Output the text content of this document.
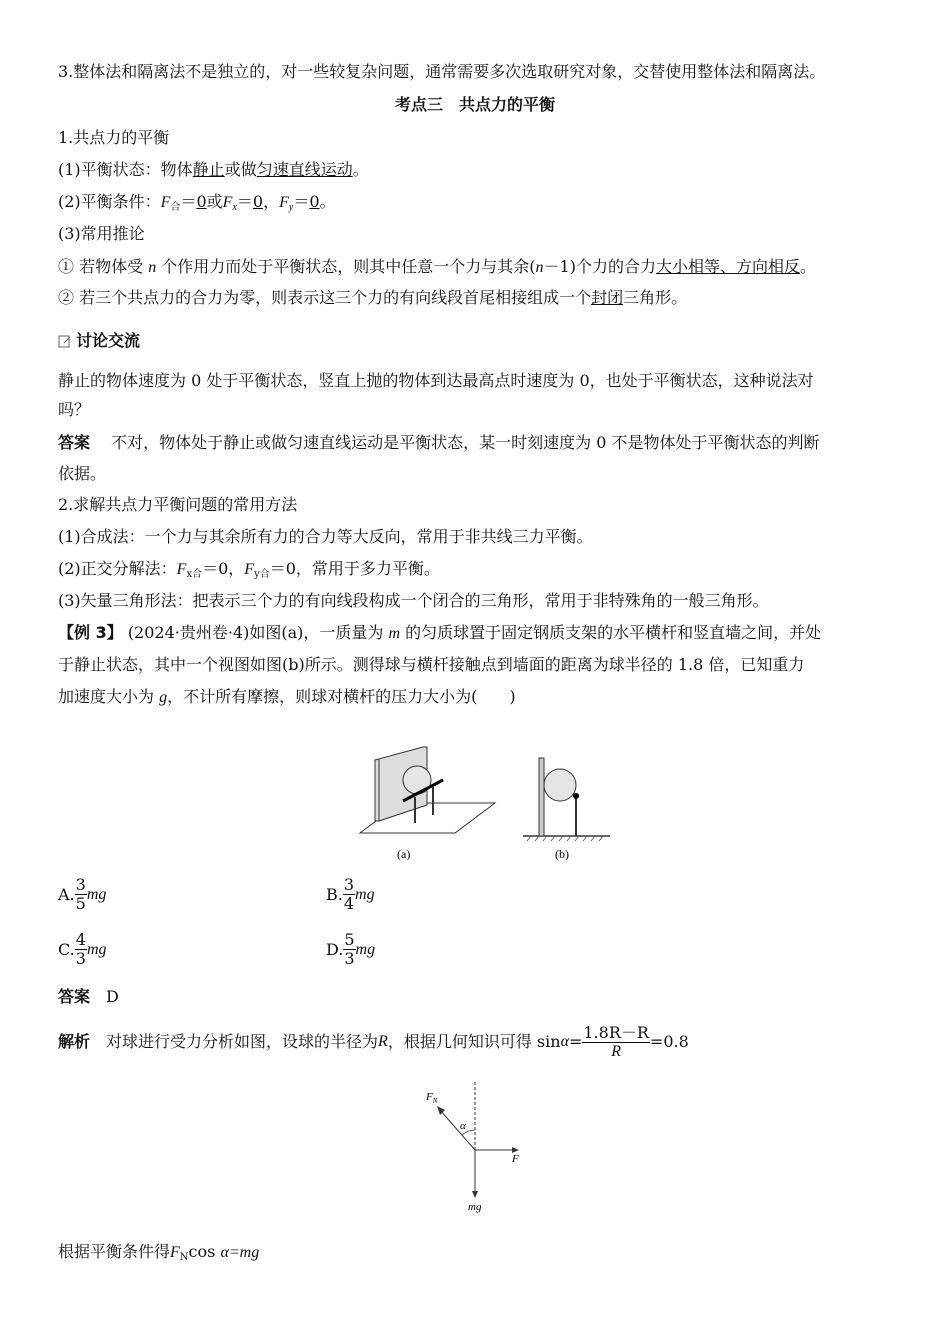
3.整体法和隔离法不是独立的，对一些较复杂问题，通常需要多次选取研究对象，交替使用整体法和隔离法。
考点三　共点力的平衡
1.共点力的平衡
(1)平衡状态：物体静止或做匀速直线运动。
(2)平衡条件：$F_合=0$或$F_x=0$，$F_y=0$。
(3)常用推论
① 若物体受 n 个作用力而处于平衡状态，则其中任意一个力与其余(n－1)个力的合力大小相等、方向相反。
② 若三个共点力的合力为零，则表示这三个力的有向线段首尾相接组成一个封闭三角形。
讨论交流
静止的物体速度为 0 处于平衡状态，竖直上抛的物体到达最高点时速度为 0，也处于平衡状态，这种说法对
吗？
答案　 不对，物体处于静止或做匀速直线运动是平衡状态，某一时刻速度为 0 不是物体处于平衡状态的判断
依据。
2.求解共点力平衡问题的常用方法
(1)合成法：一个力与其余所有力的合力等大反向，常用于非共线三力平衡。
(2)正交分解法：$F_{x合}=0$，$F_{y合}=0$，常用于多力平衡。
(3)矢量三角形法：把表示三个力的有向线段构成一个闭合的三角形，常用于非特殊角的一般三角形。
【例 3】 (2024·贵州卷·4)如图(a)，一质量为 m 的匀质球置于固定钢质支架的水平横杆和竖直墙之间，并处
于静止状态，其中一个视图如图(b)所示。测得球与横杆接触点到墙面的距离为球半径的 1.8 倍，已知重力
加速度大小为 g，不计所有摩擦，则球对横杆的压力大小为(　　)
(a)	(b)
A. $\frac{3}{5}$ mg	B. $\frac{3}{4}$ mg
C. $\frac{4}{3}$ mg	D. $\frac{5}{3}$ mg
答案　 D
解析
　 对球进行受力分析如图，设球的半径为 R ，根据几何知识可得 $\sin \alpha = \frac{1.8R-R}{R} =0.8$
$F_N$
α
F
mg
根据平衡条件得$F_N\cos$ α=mg
